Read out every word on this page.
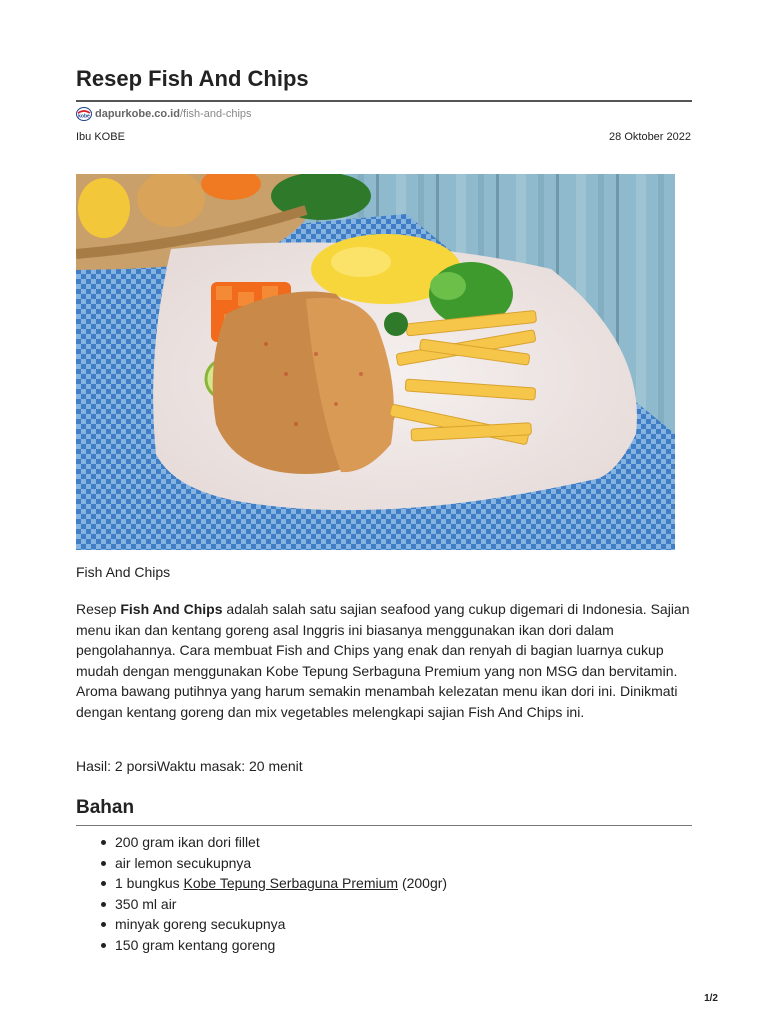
Resep Fish And Chips
kobe dapurkobe.co.id /fish-and-chips
Ibu KOBE	28 Oktober 2022
Fish And Chips

Resep Fish And Chips adalah salah satu sajian seafood yang cukup digemari di Indonesia. Sajian menu ikan dan kentang goreng asal Inggris ini biasanya menggunakan ikan dori dalam pengolahannya. Cara membuat Fish and Chips yang enak dan renyah di bagian luarnya cukup mudah dengan menggunakan Kobe Tepung Serbaguna Premium yang non MSG dan bervitamin. Aroma bawang putihnya yang harum semakin menambah kelezatan menu ikan dori ini. Dinikmati dengan kentang goreng dan mix vegetables melengkapi sajian Fish And Chips ini.

Hasil: 2 porsiWaktu masak: 20 menit
Bahan
200 gram ikan dori fillet
air lemon secukupnya
1 bungkus Kobe Tepung Serbaguna Premium (200gr)
350 ml air
minyak goreng secukupnya
150 gram kentang goreng
1/2
